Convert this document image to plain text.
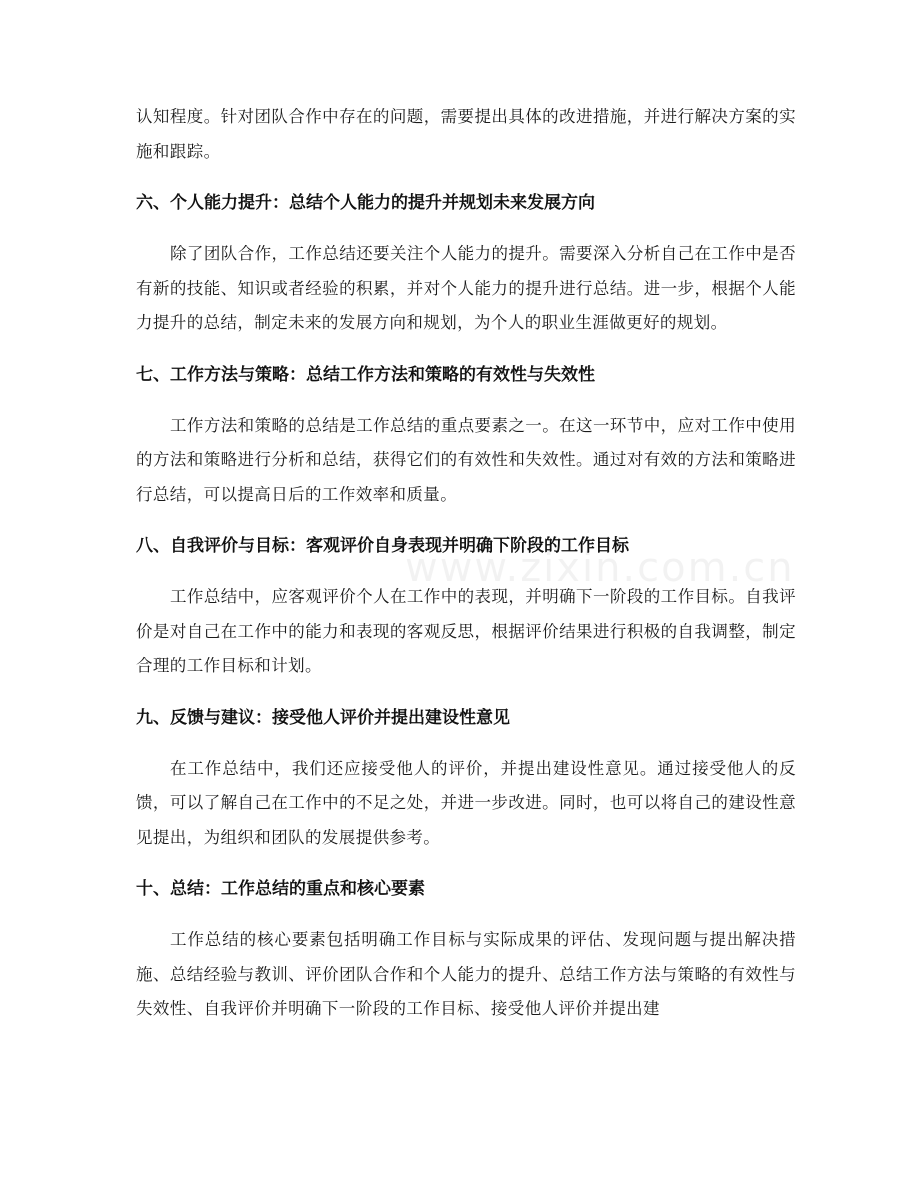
认知程度。针对团队合作中存在的问题，需要提出具体的改进措施，并进行解决方案的实施和跟踪。

六、个人能力提升：总结个人能力的提升并规划未来发展方向

除了团队合作，工作总结还要关注个人能力的提升。需要深入分析自己在工作中是否有新的技能、知识或者经验的积累，并对个人能力的提升进行总结。进一步，根据个人能力提升的总结，制定未来的发展方向和规划，为个人的职业生涯做更好的规划。

七、工作方法与策略：总结工作方法和策略的有效性与失效性

工作方法和策略的总结是工作总结的重点要素之一。在这一环节中，应对工作中使用的方法和策略进行分析和总结，获得它们的有效性和失效性。通过对有效的方法和策略进行总结，可以提高日后的工作效率和质量。

八、自我评价与目标：客观评价自身表现并明确下阶段的工作目标

工作总结中，应客观评价个人在工作中的表现，并明确下一阶段的工作目标。自我评价是对自己在工作中的能力和表现的客观反思，根据评价结果进行积极的自我调整，制定合理的工作目标和计划。

九、反馈与建议：接受他人评价并提出建设性意见

在工作总结中，我们还应接受他人的评价，并提出建设性意见。通过接受他人的反馈，可以了解自己在工作中的不足之处，并进一步改进。同时，也可以将自己的建设性意见提出，为组织和团队的发展提供参考。

十、总结：工作总结的重点和核心要素

工作总结的核心要素包括明确工作目标与实际成果的评估、发现问题与提出解决措施、总结经验与教训、评价团队合作和个人能力的提升、总结工作方法与策略的有效性与失效性、自我评价并明确下一阶段的工作目标、接受他人评价并提出建

www.zixin.com.cn
